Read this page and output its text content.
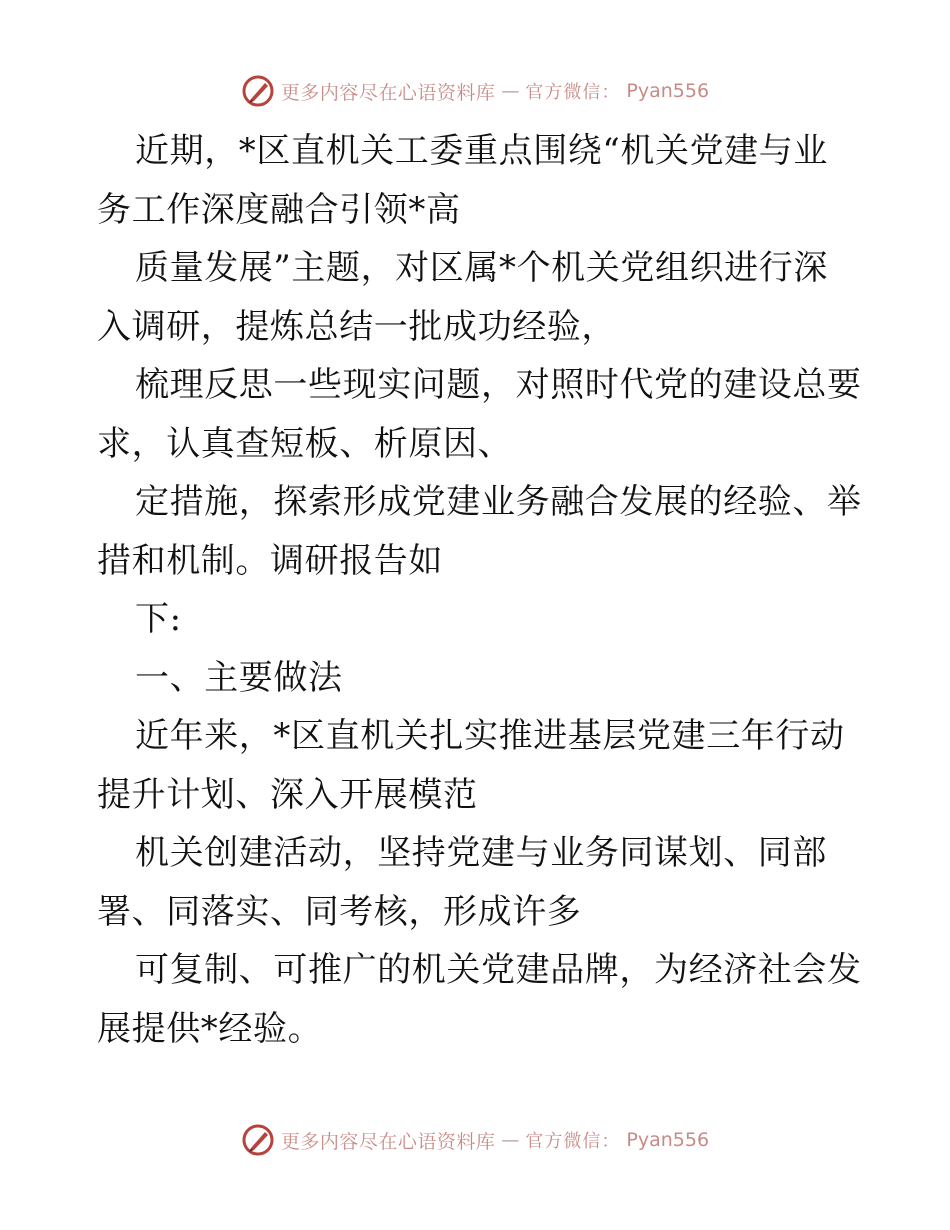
更多内容尽在心语资料库 — 官方微信： Pyan556
近期，*区直机关工委重点围绕“机关党建与业
务工作深度融合引领*高
质量发展”主题，对区属*个机关党组织进行深
入调研，提炼总结一批成功经验，
梳理反思一些现实问题，对照时代党的建设总要
求，认真查短板、析原因、
定措施，探索形成党建业务融合发展的经验、举
措和机制。调研报告如
下:
一、主要做法
近年来，*区直机关扎实推进基层党建三年行动
提升计划、深入开展模范
机关创建活动，坚持党建与业务同谋划、同部
署、同落实、同考核，形成许多
可复制、可推广的机关党建品牌，为经济社会发
展提供*经验。
更多内容尽在心语资料库 — 官方微信： Pyan556
